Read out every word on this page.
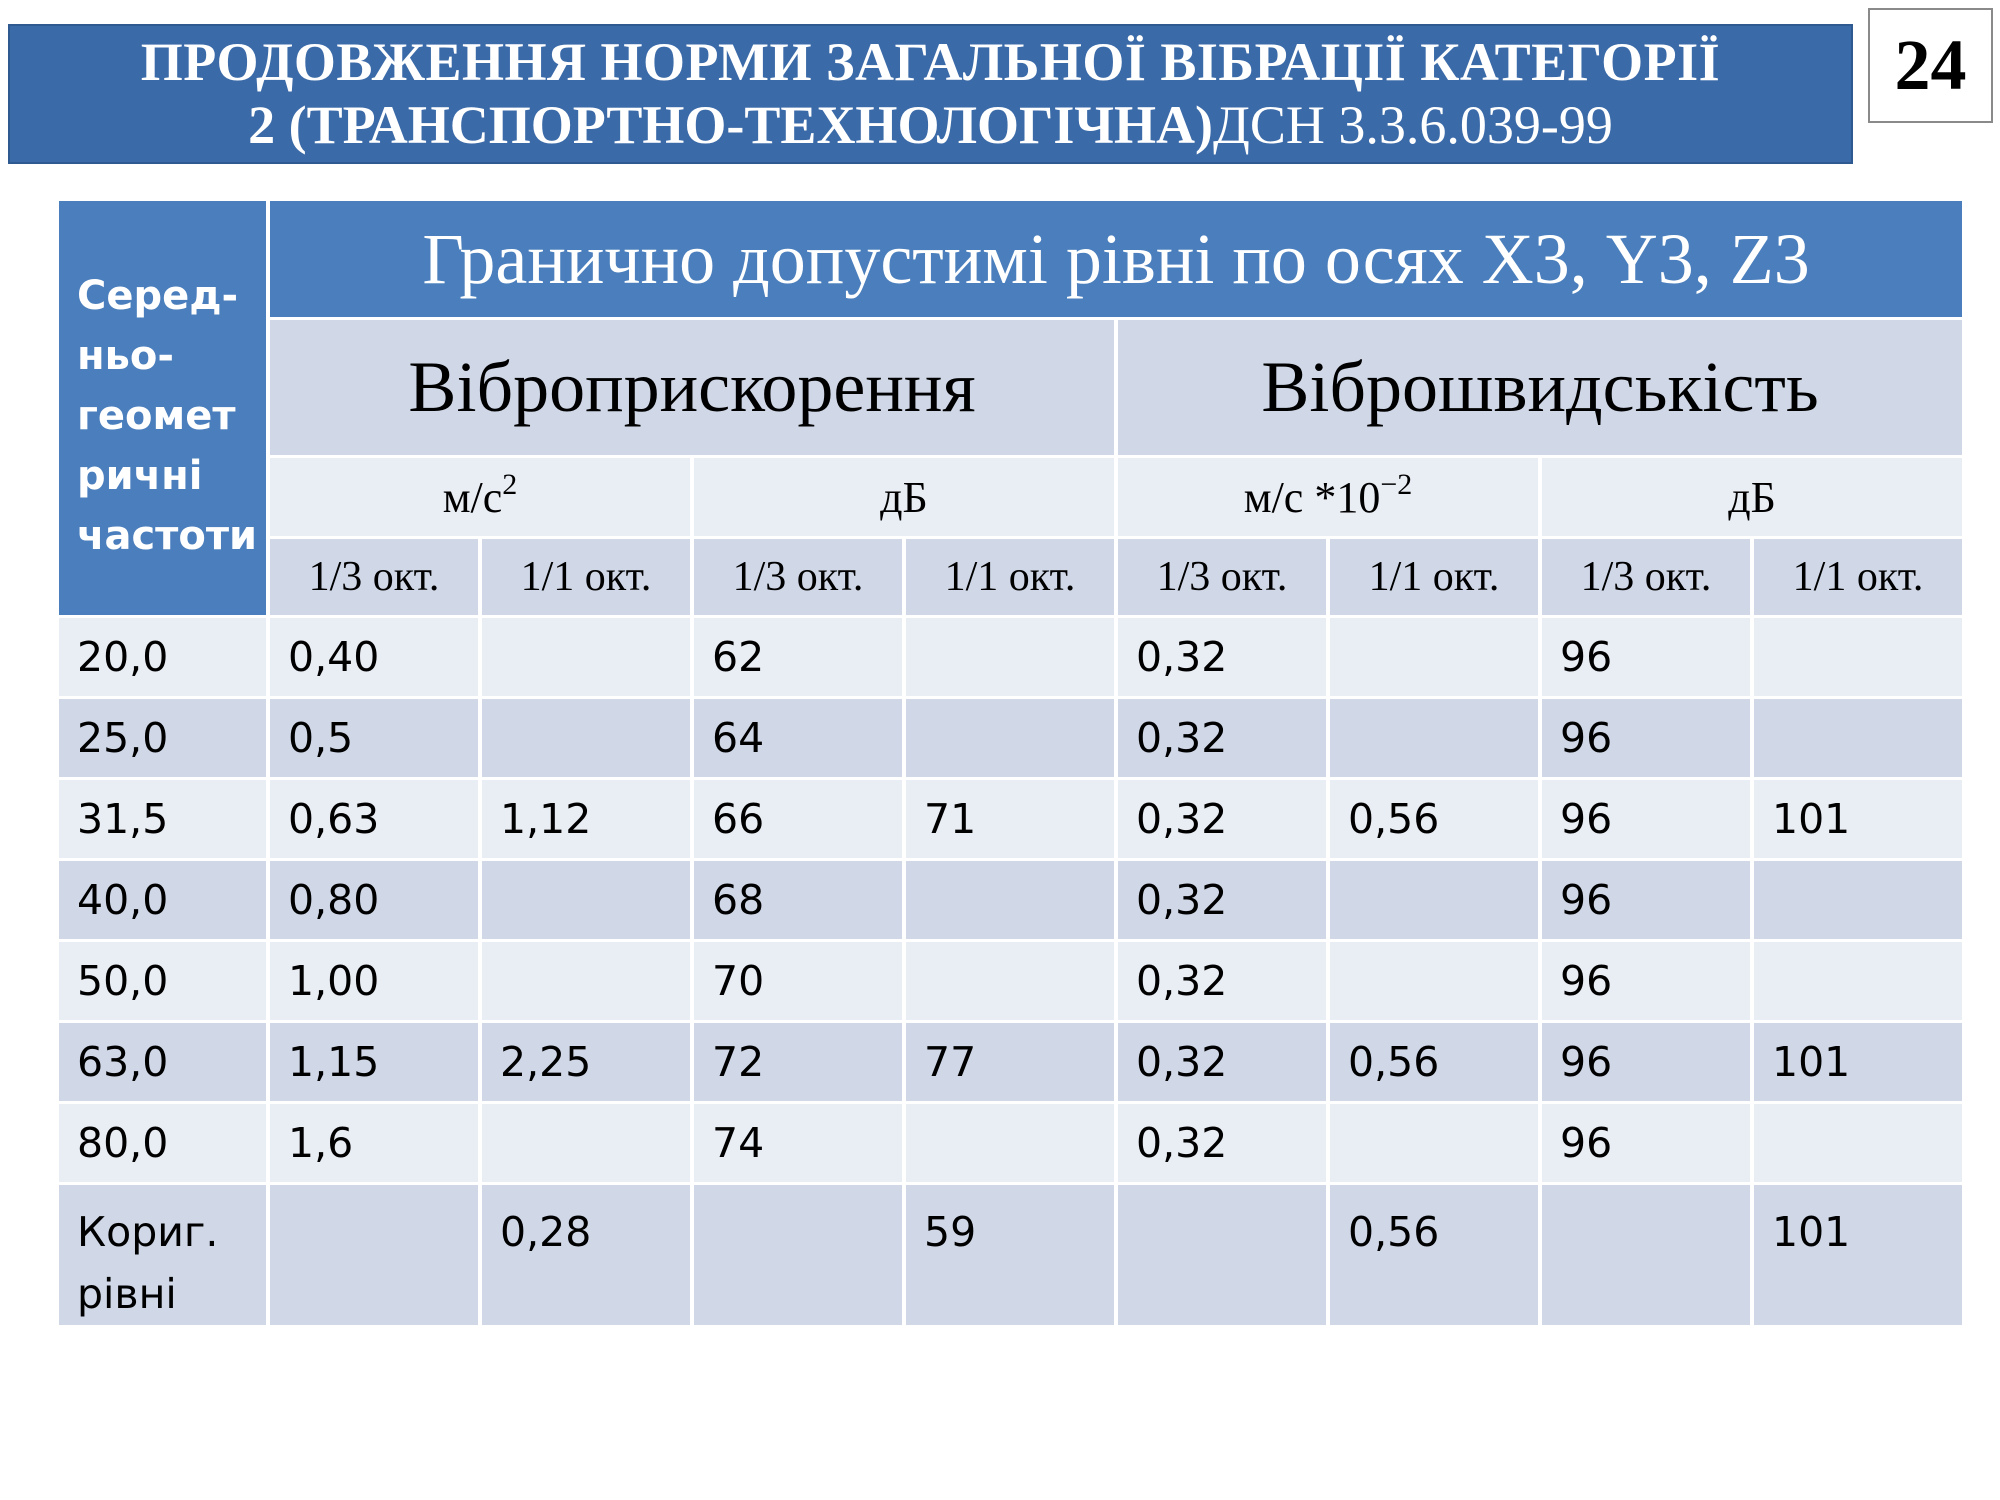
ПРОДОВЖЕННЯ НОРМИ ЗАГАЛЬНОЇ ВІБРАЦІЇ КАТЕГОРІЇ
2 (ТРАНСПОРТНО-ТЕХНОЛОГІЧНА)ДСН 3.3.6.039-99
24
Серед-ньо-геомет ричні частоти	Гранично допустимі рівні по осях Х3, Y3, Z3							
	Віброприскорення				Віброшвидськість			
	$м/с^2$		дБ		м/с $*10^{-2}$		дБ	
	1/3 окт.	1/1 окт.	1/3 окт.	1/1 окт.	1/3 окт.	1/1 окт.	1/3 окт.	1/1 окт.
20,0	0,40		62		0,32		96	
25,0	0,5		64		0,32		96	
31,5	0,63	1,12	66	71	0,32	0,56	96	101
40,0	0,80		68		0,32		96	
50,0	1,00		70		0,32		96	
63,0	1,15	2,25	72	77	0,32	0,56	96	101
80,0	1,6		74		0,32		96	
Кориг. рівні		0,28		59		0,56		101
